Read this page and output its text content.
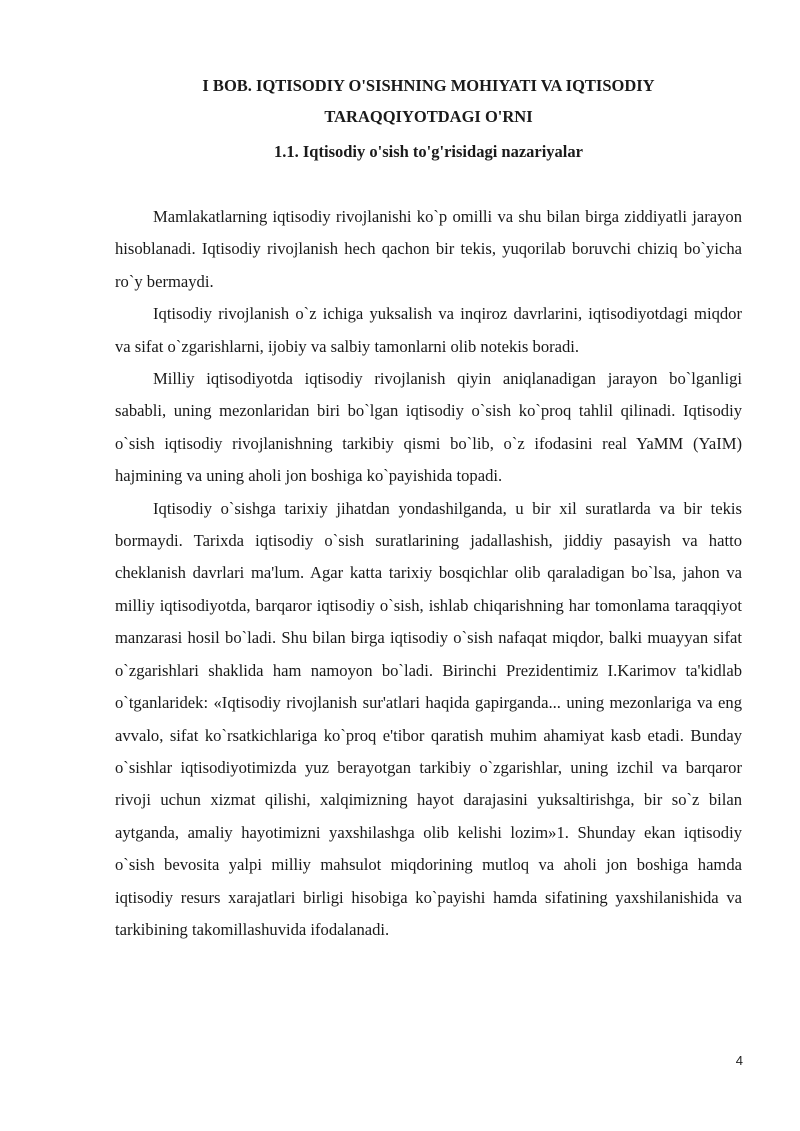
I BOB. IQTISODIY O'SISHNING MOHIYATI VA IQTISODIY
TARAQQIYOTDAGI O'RNI
1.1. Iqtisodiy o'sish to'g'risidagi nazariyalar

Mamlakatlarning iqtisodiy rivojlanishi ko`p omilli va shu bilan birga ziddiyatli jarayon hisoblanadi. Iqtisodiy rivojlanish hech qachon bir tekis, yuqorilab boruvchi chiziq bo`yicha ro`y bermaydi.

Iqtisodiy rivojlanish o`z ichiga yuksalish va inqiroz davrlarini, iqtisodiyotdagi miqdor va sifat o`zgarishlarni, ijobiy va salbiy tamonlarni olib notekis boradi.

Milliy iqtisodiyotda iqtisodiy rivojlanish qiyin aniqlanadigan jarayon bo`lganligi sababli, uning mezonlaridan biri bo`lgan iqtisodiy o`sish ko`proq tahlil qilinadi. Iqtisodiy o`sish iqtisodiy rivojlanishning tarkibiy qismi bo`lib, o`z ifodasini real YaMM (YaIM) hajmining va uning aholi jon boshiga ko`payishida topadi.

Iqtisodiy o`sishga tarixiy jihatdan yondashilganda, u bir xil suratlarda va bir tekis bormaydi. Tarixda iqtisodiy o`sish suratlarining jadallashish, jiddiy pasayish va hatto cheklanish davrlari ma'lum. Agar katta tarixiy bosqichlar olib qaraladigan bo`lsa, jahon va milliy iqtisodiyotda, barqaror iqtisodiy o`sish, ishlab chiqarishning har tomonlama taraqqiyot manzarasi hosil bo`ladi. Shu bilan birga iqtisodiy o`sish nafaqat miqdor, balki muayyan sifat o`zgarishlari shaklida ham namoyon bo`ladi. Birinchi Prezidentimiz I.Karimov ta'kidlab o`tganlaridek: «Iqtisodiy rivojlanish sur'atlari haqida gapirganda... uning mezonlariga va eng avvalo, sifat ko`rsatkichlariga ko`proq e'tibor qaratish muhim ahamiyat kasb etadi. Bunday o`sishlar iqtisodiyotimizda yuz berayotgan tarkibiy o`zgarishlar, uning izchil va barqaror rivoji uchun xizmat qilishi, xalqimizning hayot darajasini yuksaltirishga, bir so`z bilan aytganda, amaliy hayotimizni yaxshilashga olib kelishi lozim»1. Shunday ekan iqtisodiy o`sish bevosita yalpi milliy mahsulot miqdorining mutloq va aholi jon boshiga hamda iqtisodiy resurs xarajatlari birligi hisobiga ko`payishi hamda sifatining yaxshilanishida va tarkibining takomillashuvida ifodalanadi.

4
